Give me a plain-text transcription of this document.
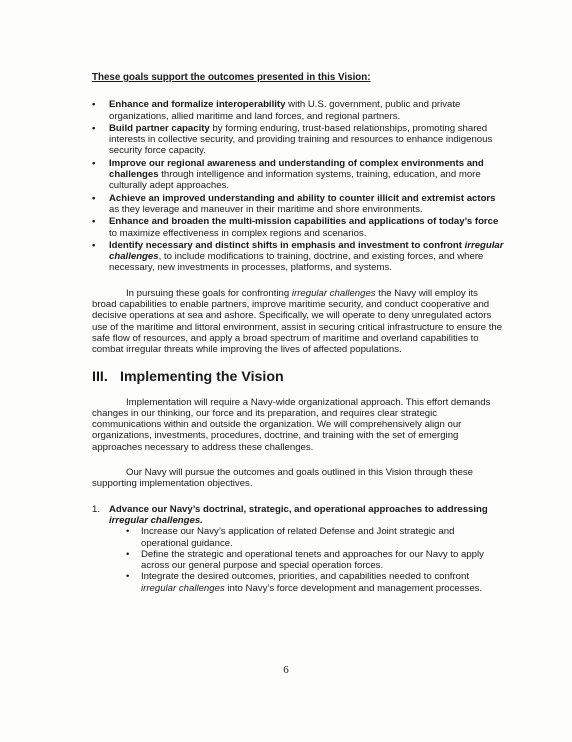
These goals support the outcomes presented in this Vision:
• Enhance and formalize interoperability with U.S. government, public and private organizations, allied maritime and land forces, and regional partners.
• Build partner capacity by forming enduring, trust-based relationships, promoting shared interests in collective security, and providing training and resources to enhance indigenous security force capacity.
• Improve our regional awareness and understanding of complex environments and challenges through intelligence and information systems, training, education, and more culturally adept approaches.
• Achieve an improved understanding and ability to counter illicit and extremist actors as they leverage and maneuver in their maritime and shore environments.
• Enhance and broaden the multi-mission capabilities and applications of today’s force to maximize effectiveness in complex regions and scenarios.
• Identify necessary and distinct shifts in emphasis and investment to confront irregular challenges, to include modifications to training, doctrine, and existing forces, and where necessary, new investments in processes, platforms, and systems.

In pursuing these goals for confronting irregular challenges the Navy will employ its broad capabilities to enable partners, improve maritime security, and conduct cooperative and decisive operations at sea and ashore. Specifically, we will operate to deny unregulated actors use of the maritime and littoral environment, assist in securing critical infrastructure to ensure the safe flow of resources, and apply a broad spectrum of maritime and overland capabilities to combat irregular threats while improving the lives of affected populations.

III. Implementing the Vision

Implementation will require a Navy-wide organizational approach. This effort demands changes in our thinking, our force and its preparation, and requires clear strategic communications within and outside the organization. We will comprehensively align our organizations, investments, procedures, doctrine, and training with the set of emerging approaches necessary to address these challenges.

Our Navy will pursue the outcomes and goals outlined in this Vision through these supporting implementation objectives.

1. Advance our Navy’s doctrinal, strategic, and operational approaches to addressing irregular challenges.
• Increase our Navy’s application of related Defense and Joint strategic and operational guidance.
• Define the strategic and operational tenets and approaches for our Navy to apply across our general purpose and special operation forces.
• Integrate the desired outcomes, priorities, and capabilities needed to confront irregular challenges into Navy’s force development and management processes.
6
